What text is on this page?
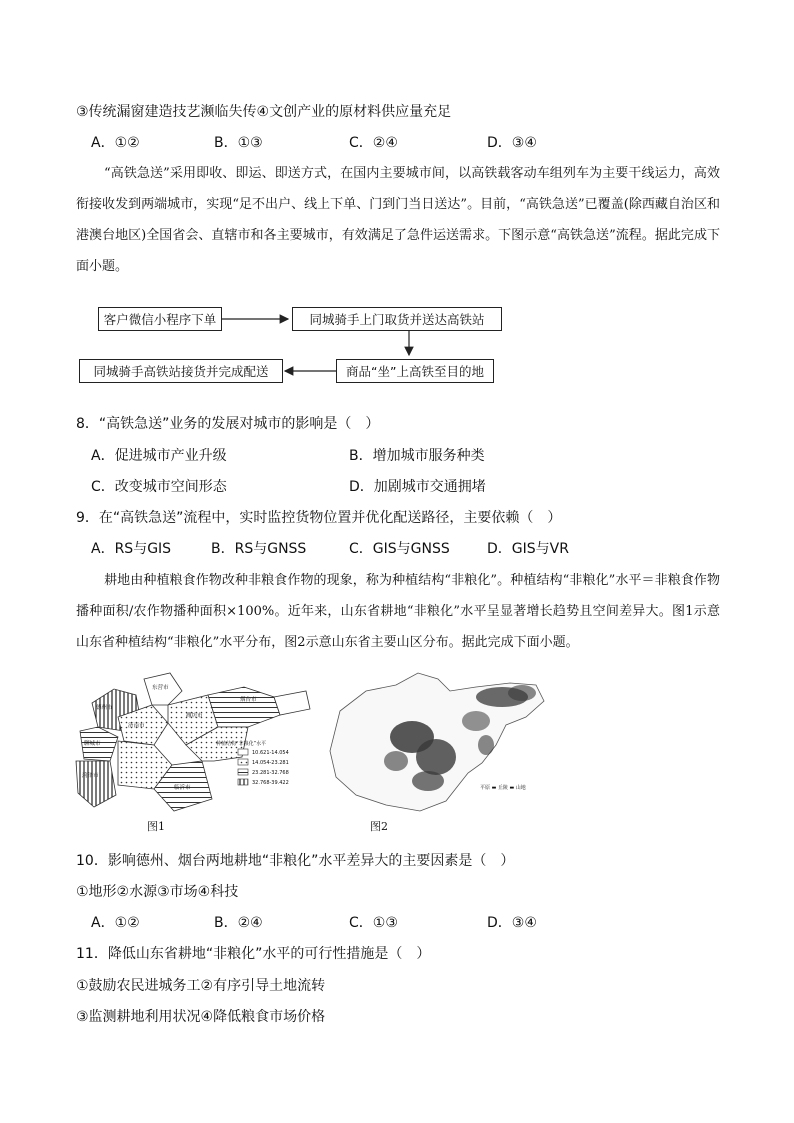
③传统漏窗建造技艺濒临失传④文创产业的原材料供应量充足
A．①②	B．①③	C．②④	D．③④
“高铁急送”采用即收、即运、即送方式，在国内主要城市间，以高铁载客动车组列车为主要干线运力，高效衔接收发到两端城市，实现“足不出户、线上下单、门到门当日送达”。目前，“高铁急送”已覆盖(除西藏自治区和港澳台地区)全国省会、直辖市和各主要城市，有效满足了急件运送需求。下图示意“高铁急送”流程。据此完成下面小题。
客户微信小程序下单	同城骑手上门取货并送达高铁站
商品“坐”上高铁至目的地
同城骑手高铁站接货并完成配送
8．“高铁急送”业务的发展对城市的影响是（　）
A．促进城市产业升级	B．增加城市服务种类
C．改变城市空间形态	D．加剧城市交通拥堵
9．在“高铁急送”流程中，实时监控货物位置并优化配送路径，主要依赖（　）
A．RS与GIS	B．RS与GNSS	C．GIS与GNSS	D．GIS与VR
耕地由种植粮食作物改种非粮食作物的现象，称为种植结构“非粮化”。种植结构“非粮化”水平＝非粮食作物播种面积/农作物播种面积×100%。近年来，山东省耕地“非粮化”水平呈显著增长趋势且空间差异大。图1示意山东省种植结构“非粮化”水平分布，图2示意山东省主要山区分布。据此完成下面小题。
德州市
东营市
烟台市
潍坊市
聊城市
济南市
菏泽市
临沂市
种植结构“非粮化”水平
10.621-14.054
14.054-23.281
23.281-32.768
32.768-39.422
图1
平原 ▬ 丘陵 ▬ 山地
图2
10．影响德州、烟台两地耕地“非粮化”水平差异大的主要因素是（　）
①地形②水源③市场④科技
A．①②	B．②④	C．①③	D．③④
11．降低山东省耕地“非粮化”水平的可行性措施是（　）
①鼓励农民进城务工②有序引导土地流转
③监测耕地利用状况④降低粮食市场价格
